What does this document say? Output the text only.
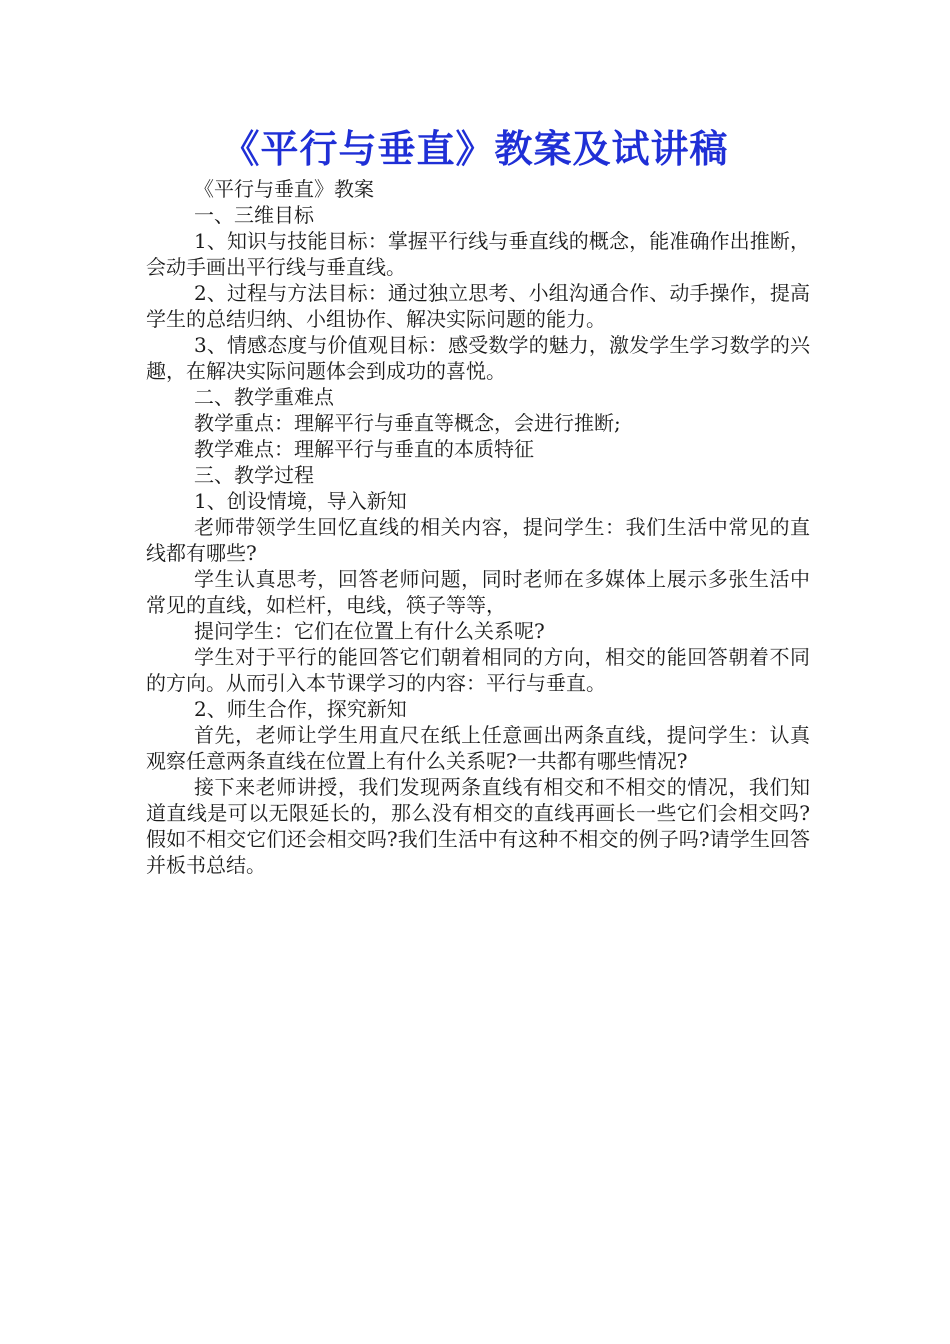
《平行与垂直》教案及试讲稿

《平行与垂直》教案

一、三维目标

1、知识与技能目标：掌握平行线与垂直线的概念，能准确作出推断，会动手画出平行线与垂直线。

2、过程与方法目标：通过独立思考、小组沟通合作、动手操作，提高学生的总结归纳、小组协作、解决实际问题的能力。

3、情感态度与价值观目标：感受数学的魅力，激发学生学习数学的兴趣，在解决实际问题体会到成功的喜悦。

二、教学重难点

教学重点：理解平行与垂直等概念，会进行推断;

教学难点：理解平行与垂直的本质特征

三、教学过程

1、创设情境，导入新知

老师带领学生回忆直线的相关内容，提问学生：我们生活中常见的直线都有哪些?

学生认真思考，回答老师问题，同时老师在多媒体上展示多张生活中常见的直线，如栏杆，电线，筷子等等，

提问学生：它们在位置上有什么关系呢?

学生对于平行的能回答它们朝着相同的方向，相交的能回答朝着不同的方向。从而引入本节课学习的内容：平行与垂直。

2、师生合作，探究新知

首先，老师让学生用直尺在纸上任意画出两条直线，提问学生：认真观察任意两条直线在位置上有什么关系呢?一共都有哪些情况?

接下来老师讲授，我们发现两条直线有相交和不相交的情况，我们知道直线是可以无限延长的，那么没有相交的直线再画长一些它们会相交吗?假如不相交它们还会相交吗?我们生活中有这种不相交的例子吗?请学生回答并板书总结。
